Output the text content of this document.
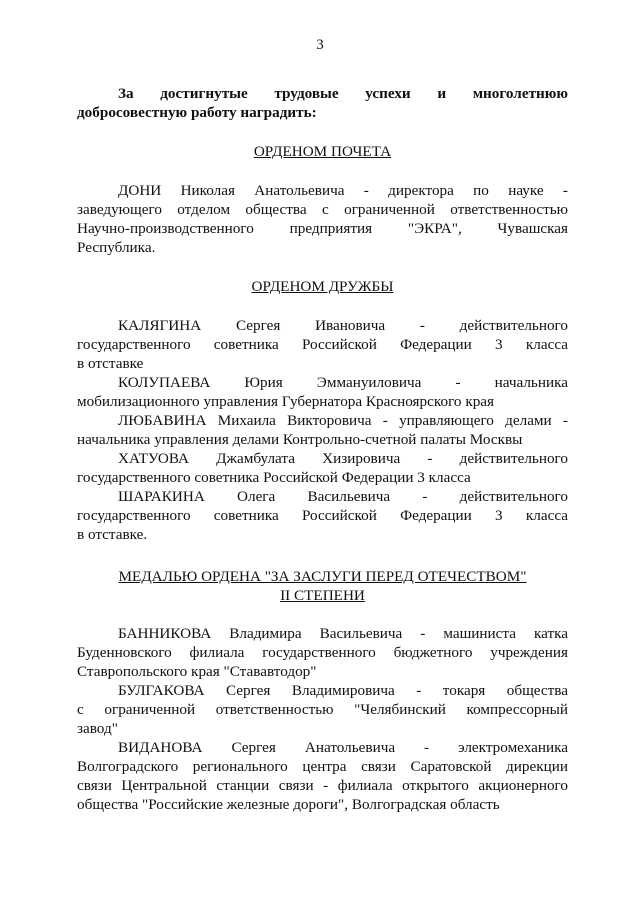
3
За достигнутые трудовые успехи и многолетнюю
добросовестную работу наградить:
ОРДЕНОМ ПОЧЕТА
ДОНИ Николая Анатольевича - директора по науке -
заведующего отделом общества с ограниченной ответственностью
Научно-производственного предприятия "ЭКРА", Чувашская
Республика.
ОРДЕНОМ ДРУЖБЫ
КАЛЯГИНА Сергея Ивановича - действительного
государственного советника Российской Федерации 3 класса
в отставке
КОЛУПАЕВА Юрия Эммануиловича - начальника
мобилизационного управления Губернатора Красноярского края
ЛЮБАВИНА Михаила Викторовича - управляющего делами -
начальника управления делами Контрольно-счетной палаты Москвы
ХАТУОВА Джамбулата Хизировича - действительного
государственного советника Российской Федерации 3 класса
ШАРАКИНА Олега Васильевича - действительного
государственного советника Российской Федерации 3 класса
в отставке.
МЕДАЛЬЮ ОРДЕНА "ЗА ЗАСЛУГИ ПЕРЕД ОТЕЧЕСТВОМ"
II СТЕПЕНИ
БАННИКОВА Владимира Васильевича - машиниста катка
Буденновского филиала государственного бюджетного учреждения
Ставропольского края "Стававтодор"
БУЛГАКОВА Сергея Владимировича - токаря общества
с ограниченной ответственностью "Челябинский компрессорный
завод"
ВИДАНОВА Сергея Анатольевича - электромеханика
Волгоградского регионального центра связи Саратовской дирекции
связи Центральной станции связи - филиала открытого акционерного
общества "Российские железные дороги", Волгоградская область
